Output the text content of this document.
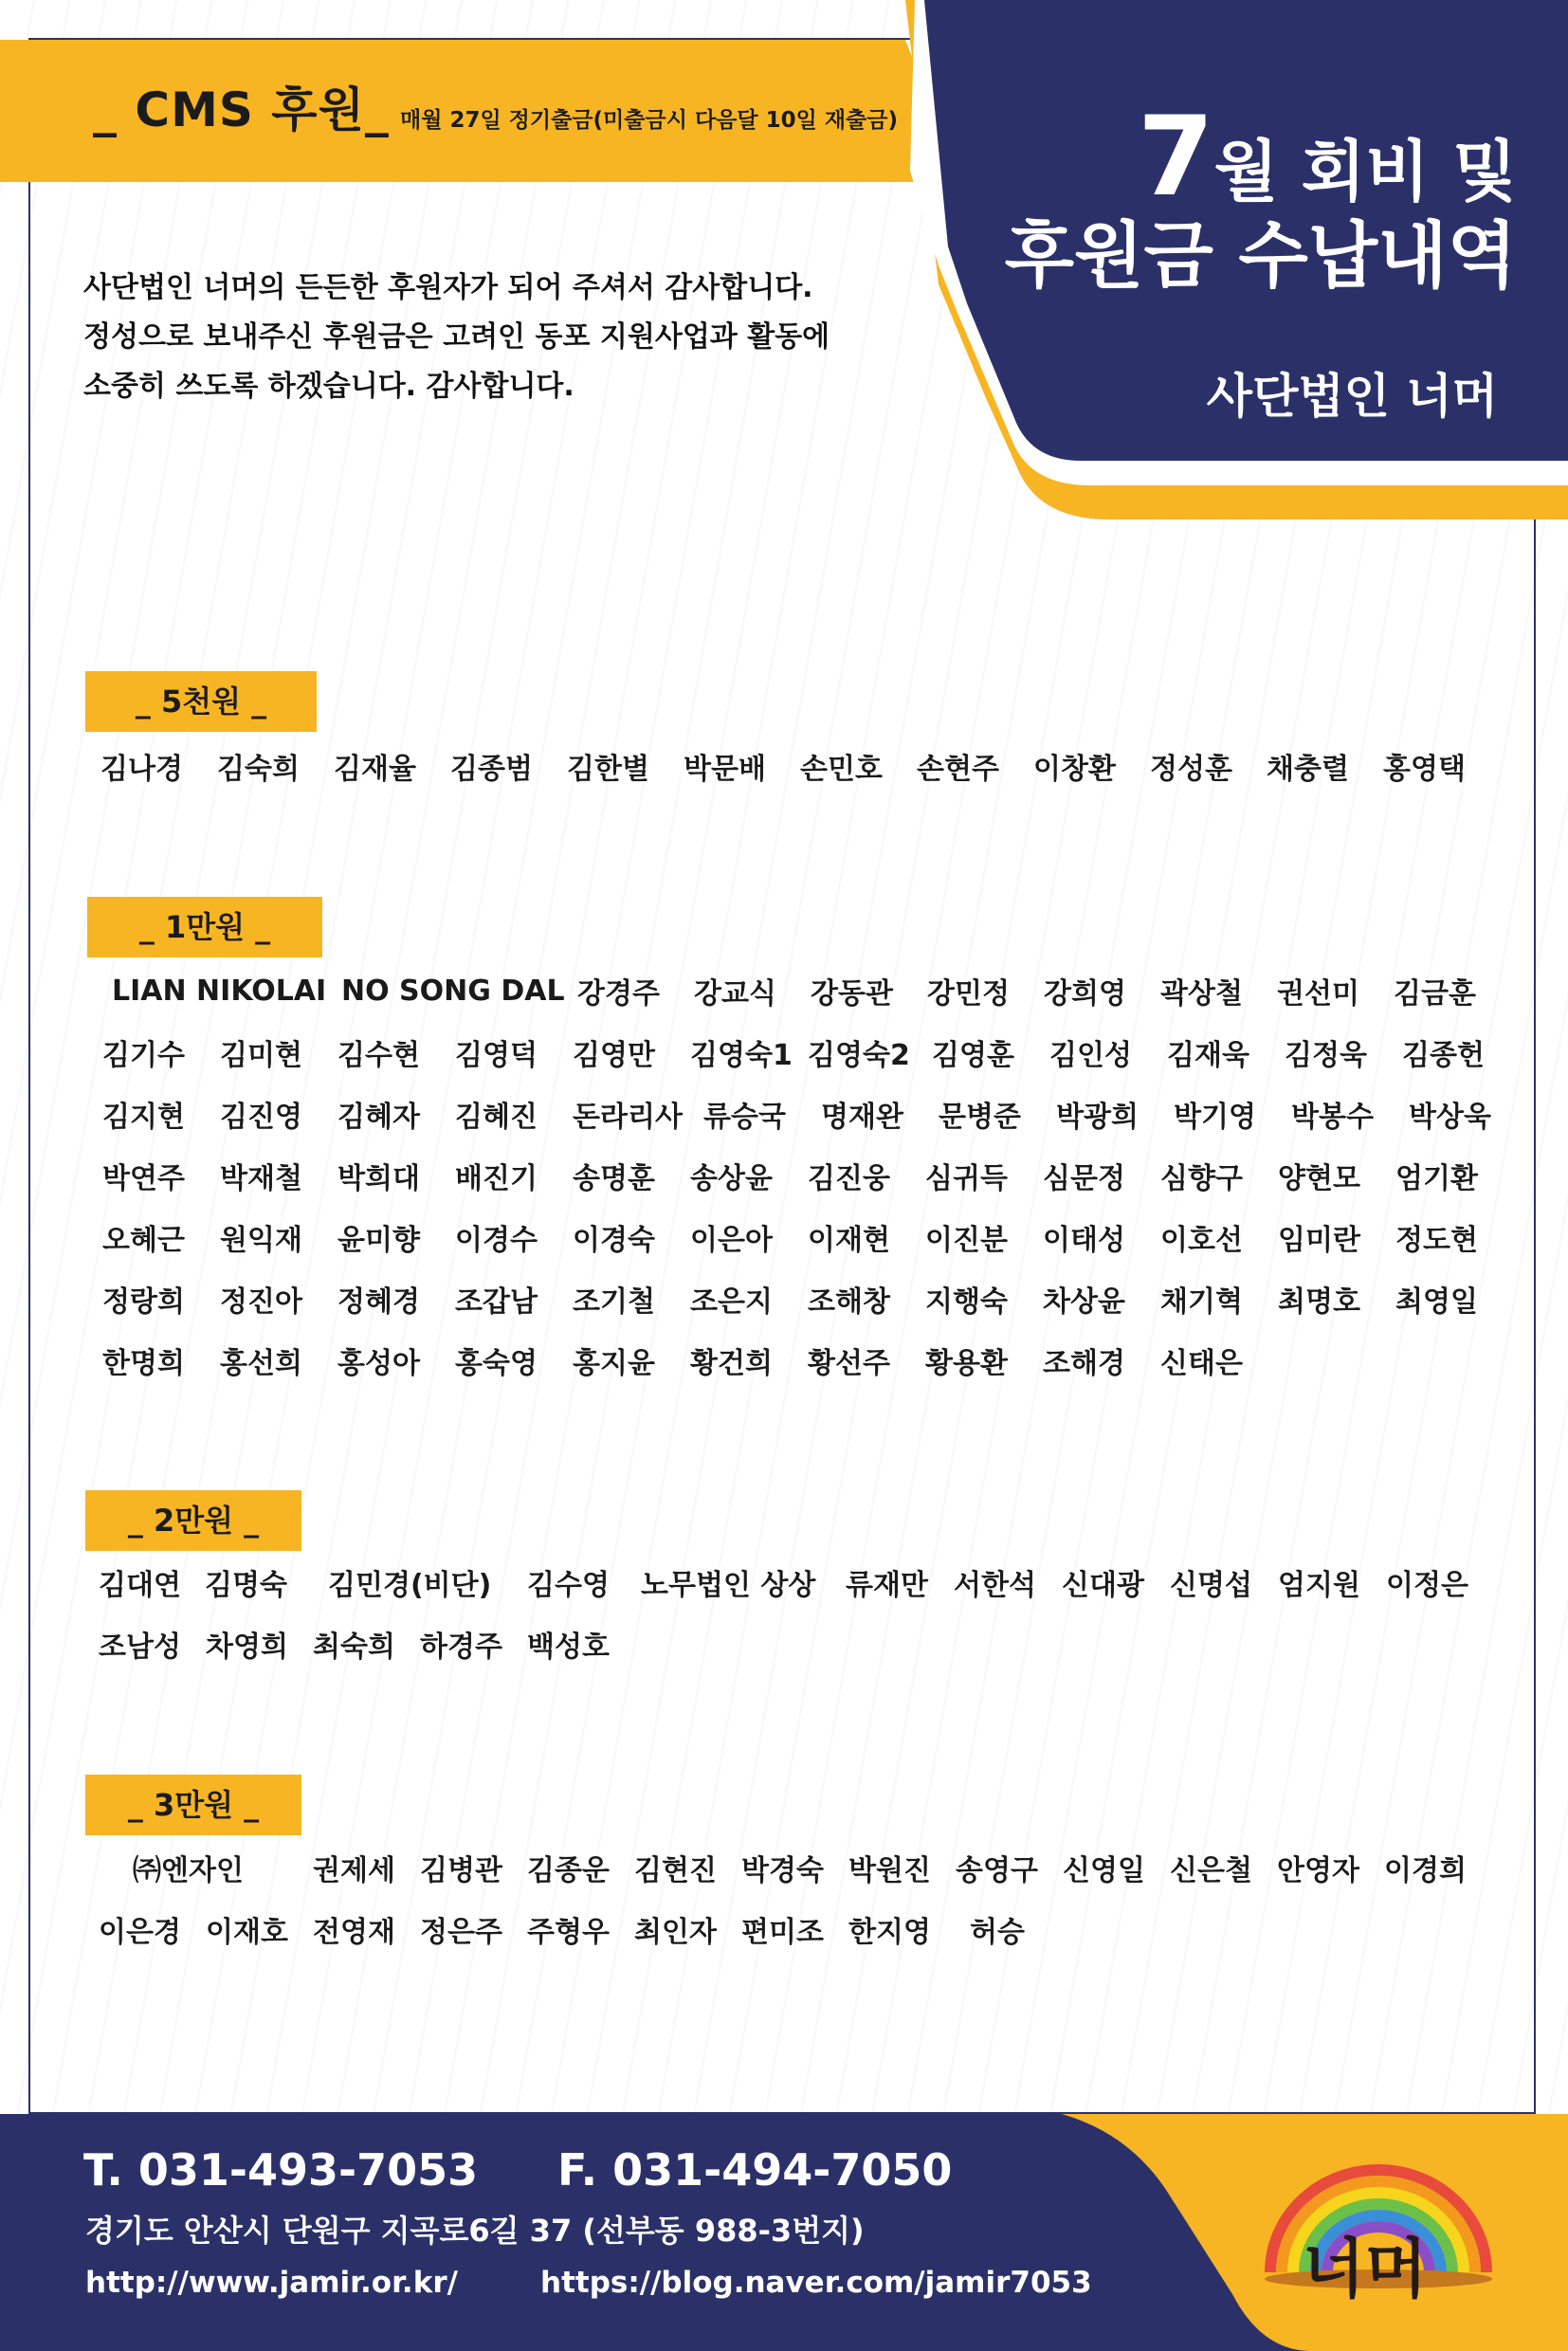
_ CMS 후원_ 매월 27일 정기출금(미출금시 다음달 10일 재출금)	7월 회비 및
후원금 수납내역
사단법인 너머
사단법인 너머의 든든한 후원자가 되어 주셔서 감사합니다.
정성으로 보내주신 후원금은 고려인 동포 지원사업과 활동에
소중히 쓰도록 하겠습니다. 감사합니다.
_ 5천원 _
김나경	김숙희	김재율	김종범	김한별	박문배	손민호	손현주	이창환	정성훈	채충렬	홍영택
_ 1만원 _
LIAN NIKOLAI NO SONG DAL 강경주	강교식	강동관	강민정	강희영	곽상철	권선미	김금훈
김기수	김미현	김수현	김영덕	김영만	김영숙1 김영숙2 김영훈	김인성	김재욱	김정욱	김종헌
김지현	김진영	김혜자	김혜진	돈라리사 류승국	명재완	문병준	박광희	박기영	박봉수	박상욱
박연주	박재철	박희대	배진기	송명훈	송상윤	김진웅	심귀득	심문정	심향구	양현모	엄기환
오혜근	원익재	윤미향	이경수	이경숙	이은아	이재현	이진분	이태성	이호선	임미란	정도현
정랑희	정진아	정혜경	조갑남	조기철	조은지	조해창	지행숙	차상윤	채기혁	최명호	최영일
한명희	홍선희	홍성아	홍숙영	홍지윤	황건희	황선주	황용환	조해경	신태은
_ 2만원 _
김대연 김명숙	김민경(비단)	김수영	노무법인 상상	류재만 서한석 신대광 신명섭 엄지원 이정은
조남성 차영희 최숙희 하경주 백성호
_ 3만원 _
㈜엔자인	권제세 김병관 김종운 김현진 박경숙 박원진 송영구 신영일 신은철 안영자 이경희
이은경 이재호 전영재 정은주 주형우 최인자 편미조 한지영	허승
T. 031-493-7053 F. 031-494-7050
경기도 안산시 단원구 지곡로6길 37 (선부동 988-3번지)
http://www.jamir.or.kr/	https://blog.naver.com/jamir7053	너머
